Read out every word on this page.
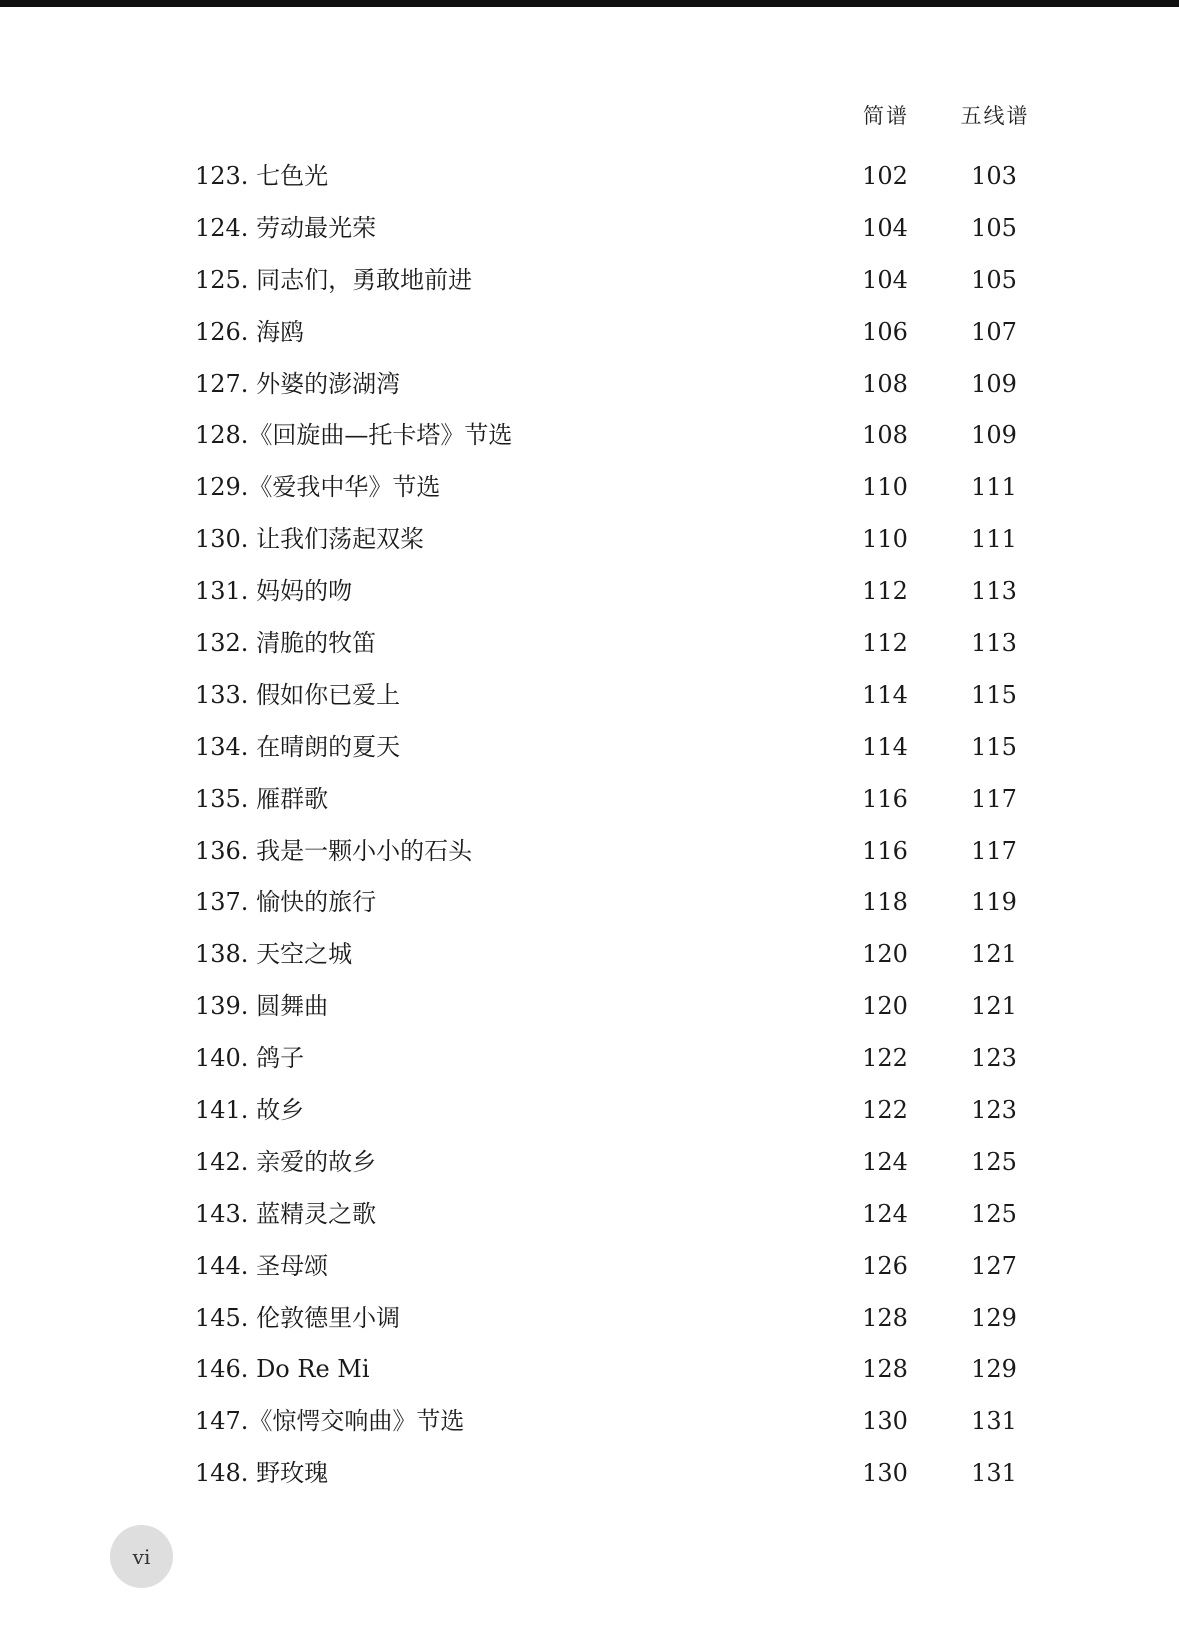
简谱	五线谱
123. 七色光	102	103
124. 劳动最光荣	104	105
125. 同志们，勇敢地前进	104	105
126. 海鸥	106	107
127. 外婆的澎湖湾	108	109
128.《回旋曲—托卡塔》节选	108	109
129.《爱我中华》节选	110	111
130. 让我们荡起双桨	110	111
131. 妈妈的吻	112	113
132. 清脆的牧笛	112	113
133. 假如你已爱上	114	115
134. 在晴朗的夏天	114	115
135. 雁群歌	116	117
136. 我是一颗小小的石头	116	117
137. 愉快的旅行	118	119
138. 天空之城	120	121
139. 圆舞曲	120	121
140. 鸽子	122	123
141. 故乡	122	123
142. 亲爱的故乡	124	125
143. 蓝精灵之歌	124	125
144. 圣母颂	126	127
145. 伦敦德里小调	128	129
146. Do Re Mi	128	129
147.《惊愕交响曲》节选	130	131
148. 野玫瑰	130	131
vi
